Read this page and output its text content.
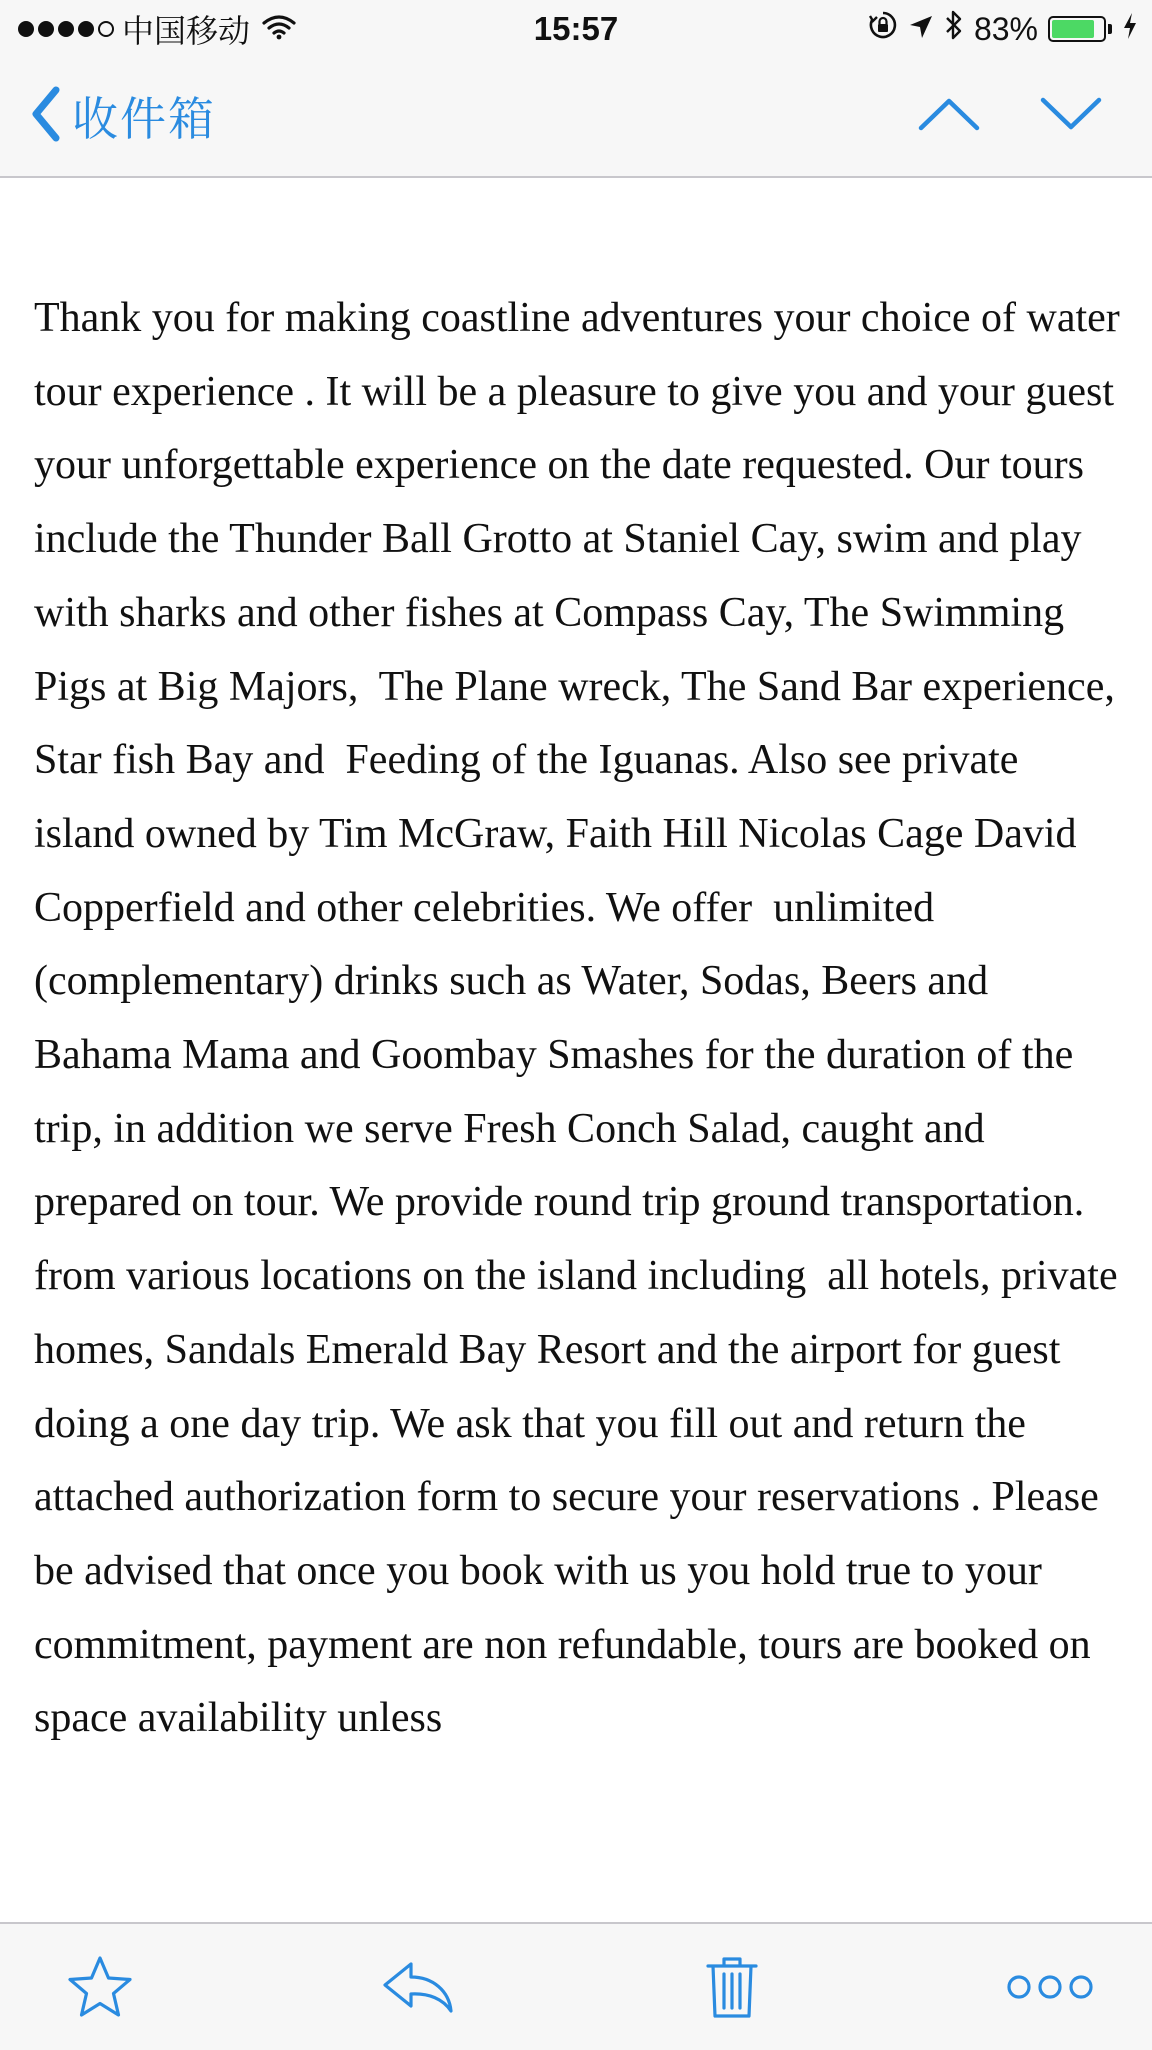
中国移动	15:57	83%
收件箱
Thank you for making coastline adventures your choice of water tour experience . It will be a pleasure to give you and your guest your unforgettable experience on the date requested. Our tours include the Thunder Ball Grotto at Staniel Cay, swim and play with sharks and other fishes at Compass Cay, The Swimming Pigs at Big Majors,  The Plane wreck, The Sand Bar experience, Star fish Bay and  Feeding of the Iguanas. Also see private island owned by Tim McGraw, Faith Hill Nicolas Cage David Copperfield and other celebrities. We offer  unlimited (complementary) drinks such as Water, Sodas, Beers and Bahama Mama and Goombay Smashes for the duration of the trip, in addition we serve Fresh Conch Salad, caught and prepared on tour. We provide round trip ground transportation. from various locations on the island including  all hotels, private homes, Sandals Emerald Bay Resort and the airport for guest doing a one day trip. We ask that you fill out and return the attached authorization form to secure your reservations . Please be advised that once you book with us you hold true to your commitment, payment are non refundable, tours are booked on space availability unless
